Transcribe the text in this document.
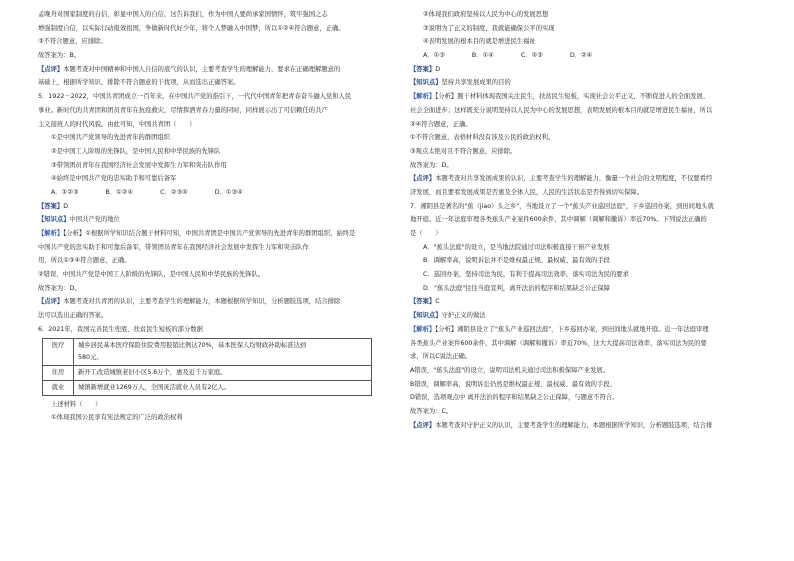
孟晚舟对国家制度的自信，彰显中国人的自信，这告诉我们，作为中国人要尚承家国情怀，筑牢强国之志
增强制度自信，以实际行动报效祖国，争做新时代好少年，将个人梦融入中国梦，所以①②④符合题意，正确。
③不符合题意，应排除。
故答案为：B。
【点评】本题考查对中国精神和中国人自信的底气的认识，主要考查学生的理解能力，要求在正确理解题意的
基础上，根据所学知识，排除不符合题意的干扰项，从而选出正确答案。
5．1922－2022，中国共青团成立一百年来，在中国共产党的指引下，一代代中国青年把青春奋斗融入党和人民
事业。新时代的共青团和团员青年在抗疫救灾，尽情挥洒青春力量的同时，同样展示出了可信赖任的共产
主义接班人的时代风貌。由此可知，中国共青团（　　）
①是中国共产党领导的先进青年的群团组织
②是中国工人阶级的先锋队，是中国人民和中华民族的先锋队
③带领团员青年在我国经济社会发展中发挥生力军和突击队作用
④始终是中国共产党的忠实助手和可靠后备军
A．①②③	B．①②④	C．②③④	D．①③④
【答案】D
【知识点】中国共产党的地位
【解析】【分析】①根据所学知识结合题干材料可知，中国共青团是中国共产党领导的先进青年的群团组织，始终是
中国共产党的忠实助手和可靠后备军，带领团员青年在我国经济社会发展中发挥生力军和突击队作
用，所以①③④符合题意，正确。
②错误，中国共产党是中国工人阶级的先锋队，是中国人民和中华民族的先锋队。
故答案为：D。
【点评】本题考查对共青团的认识，主要考查学生的理解能力，本题根据所学知识，分析题肢选项，结合排除
法可以选出正确的答案。
6．2021年，我国完善民生兜底、扶贫民生短板的部分数据
医疗	城乡居民基本医疗保险住院费用报销比例达70%，基本医保人均财政补助标准达到
580元。
住房	新开工改造城镇老旧小区5.6万个，惠及近千万家庭。
就业	城镇新增就业1269万人，全国灵活就业人员有2亿人。
上述材料（　　）
①体现我国公民享有宪法规定的广泛的政治权利
②体现我们政府坚持以人民为中心的发展思想
③说明为了正义的制度，我就能确保公平的实现
④表明发展的根本目的就是增进民生福祉
A．①③	B．①④	C．②③	D．②④
【答案】D
【知识点】坚持共享发展成果的目的
【解析】【分析】题干材料体现我国关注民生，扶贫民生短板，实现社会公平正义，不断促进人的全面发展、
社会全面进步；这样既充分说明坚持以人民为中心的发展思想，表明发展的根本目的就是增进民生福祉，所以
②④符合题意，正确。
①不符合题意，表格材料没有涉及公民的政治权利。
③观点太绝对且不符合题意，应排除。
故答案为：D。
【点评】本题考查对共享发展成果的认识，主要考查学生的理解能力，衡量一个社会的文明程度，不仅要看经
济发展，而且要看发展成果是否惠及全体人民，人民的生活状态是否得到切实保障。
7．湘阴县是著名的"蕉（jiao）头之乡"，当地设立了一个"蕉头产业巡回法庭"，下乡巡回办案，到田间地头就
地开庭。近一年法庭审理各类蕉头产业案件600余件，其中调解（调解和撤诉）率近70%。下列说法正确的
是（　　）
A．"蕉头法庭"的设立，是当地法院通过司法积极直接干预产业发展
B．调解率高，说明诉讼并不是维权最正规、最权威、最有效的手段
C．巡回办案，坚持司法为民，有利于提高司法效率，落实司法为民的要求
D．"蕉头法庭"往往当庭宣判，离开法治的程序和结果缺乏公正保障
【答案】C
【知识点】守护正义的做法
【解析】【分析】湘阴县设立了"蕉头产业巡回法庭"，下乡巡回办案，到田间地头就地开庭。近一年法庭审理
各类蕉头产业案件600余件，其中调解（调解和撤诉）率近70%，这大大提高司法效率，落实司法为民的要
求，所以C说法正确。
A错误，"蕉头法庭"的设立，说明司法机关通过司法积极保障产业发展。
B错误，调解率高，说明诉讼仍然是维权最正规、最权威、最有效的手段。
D错误，选项观点中 离开法治的程序和结果缺乏公正保障，与题意不符合。
故答案为：C。
【点评】本题考查对守护正义的认识，主要考查学生的理解能力，本题根据所学知识，分析题肢选项，结合排
